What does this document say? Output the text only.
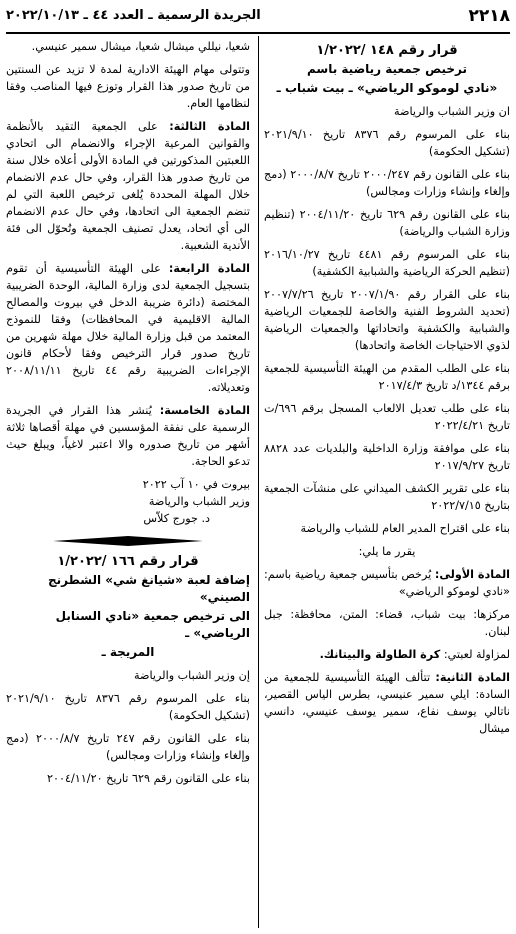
٢٢١٨
الجريدة الرسمية ـ العدد ٤٤ ـ ٢٠٢٢/١٠/١٣
قرار رقم ١٤٨ /١/٢٠٢٢
ترخيص جمعية رياضية باسم
«نادي لوموكو الرياضي» ـ بيت شباب ـ

ان وزير الشباب والرياضة

بناء على المرسوم رقم ٨٣٧٦ تاريخ ٢٠٢١/٩/١٠ (تشكيل الحكومة)

بناء على القانون رقم ٢٠٠٠/٢٤٧ تاريخ ٢٠٠٠/٨/٧ (دمج وإلغاء وإنشاء وزارات ومجالس)

بناء على القانون رقم ٦٢٩ تاريخ ٢٠٠٤/١١/٢٠ (تنظيم وزارة الشباب والرياضة)

بناء على المرسوم رقم ٤٤٨١ تاريخ ٢٠١٦/١٠/٢٧ (تنظيم الحركة الرياضية والشبابية الكشفية)

بناء على القرار رقم ٢٠٠٧/١/٩٠ تاريخ ٢٠٠٧/٧/٢٦ (تحديد الشروط الفنية والخاصة للجمعيات الرياضية والشبابية والكشفية واتحاداتها والجمعيات الرياضية لذوي الاحتياجات الخاصة واتحادها)

بناء على الطلب المقدم من الهيئة التأسيسية للجمعية برقم ١٣٤٤/د تاريخ ٢٠١٧/٤/٣

بناء على طلب تعديل الالعاب المسجل برقم ٦٩٦/ت تاريخ ٢٠٢٢/٤/٢١

بناء على موافقة وزارة الداخلية والبلديات عدد ٨٨٢٨ تاريخ ٢٠١٧/٩/٢٧

بناء على تقرير الكشف الميداني على منشآت الجمعية بتاريخ ٢٠٢٢/٧/١٥

بناء على اقتراح المدير العام للشباب والرياضة

يقرر ما يلي:

المادة الأولى: يُرخص بتأسيس جمعية رياضية باسم: «نادي لوموكو الرياضي»

مركزها: بيت شباب، قضاء: المتن، محافظة: جبل لبنان.

لمزاولة لعبتي: كرة الطاولة والبيتانك.

المادة الثانية: تتألف الهيئة التأسيسية للجمعية من السادة: ايلي سمير عنيسي، بطرس الياس القصير، ناتالي يوسف نفاع، سمير يوسف عنيسي، دانسي ميشال

شعيا، نيللي ميشال شعيا، ميشال سمير عنيسي.

وتتولى مهام الهيئة الادارية لمدة لا تزيد عن السنتين من تاريخ صدور هذا القرار وتوزع فيها المناصب وفقا لنظامها العام.

المادة الثالثة: على الجمعية التقيد بالأنظمة والقوانين المرعية الإجراء والانضمام الى اتحادي اللعبتين المذكورتين في المادة الأولى أعلاه خلال سنة من تاريخ صدور هذا القرار، وفي حال عدم الانضمام خلال المهلة المحددة يُلغى ترخيص اللعبة التي لم تنضم الجمعية الى اتحادها، وفي حال عدم الانضمام الى أي اتحاد، يعدل تصنيف الجمعية وتُحوّل الى فئة الأندية الشعبية.

المادة الرابعة: على الهيئة التأسيسية أن تقوم بتسجيل الجمعية لدى وزارة المالية، الوحدة الضريبية المختصة (دائرة ضريبة الدخل في بيروت والمصالح المالية الاقليمية في المحافظات) وفقا للنموذج المعتمد من قبل وزارة المالية خلال مهلة شهرين من تاريخ صدور قرار الترخيص وفقا لأحكام قانون الإجراءات الضريبية رقم ٤٤ تاريخ ٢٠٠٨/١١/١١ وتعديلاته.

المادة الخامسة: يُنشر هذا القرار في الجريدة الرسمية على نفقة المؤسسين في مهلة أقصاها ثلاثة أشهر من تاريخ صدوره والا اعتبر لاغياً، ويبلغ حيث تدعو الحاجة.

بيروت في ١٠ آب ٢٠٢٢

وزير الشباب والرياضة

د. جورج كلاّس

قرار رقم ١٦٦ /١/٢٠٢٢
إضافة لعبة «شيانغ شي» الشطرنج الصيني»
الى ترخيص جمعية «نادي السنابل الرياضي» ـ
المريجة ـ

إن وزير الشباب والرياضة

بناء على المرسوم رقم ٨٣٧٦ تاريخ ٢٠٢١/٩/١٠ (تشكيل الحكومة)

بناء على القانون رقم ٢٤٧ تاريخ ٢٠٠٠/٨/٧ (دمج وإلغاء وإنشاء وزارات ومجالس)

بناء على القانون رقم ٦٢٩ تاريخ ٢٠٠٤/١١/٢٠
